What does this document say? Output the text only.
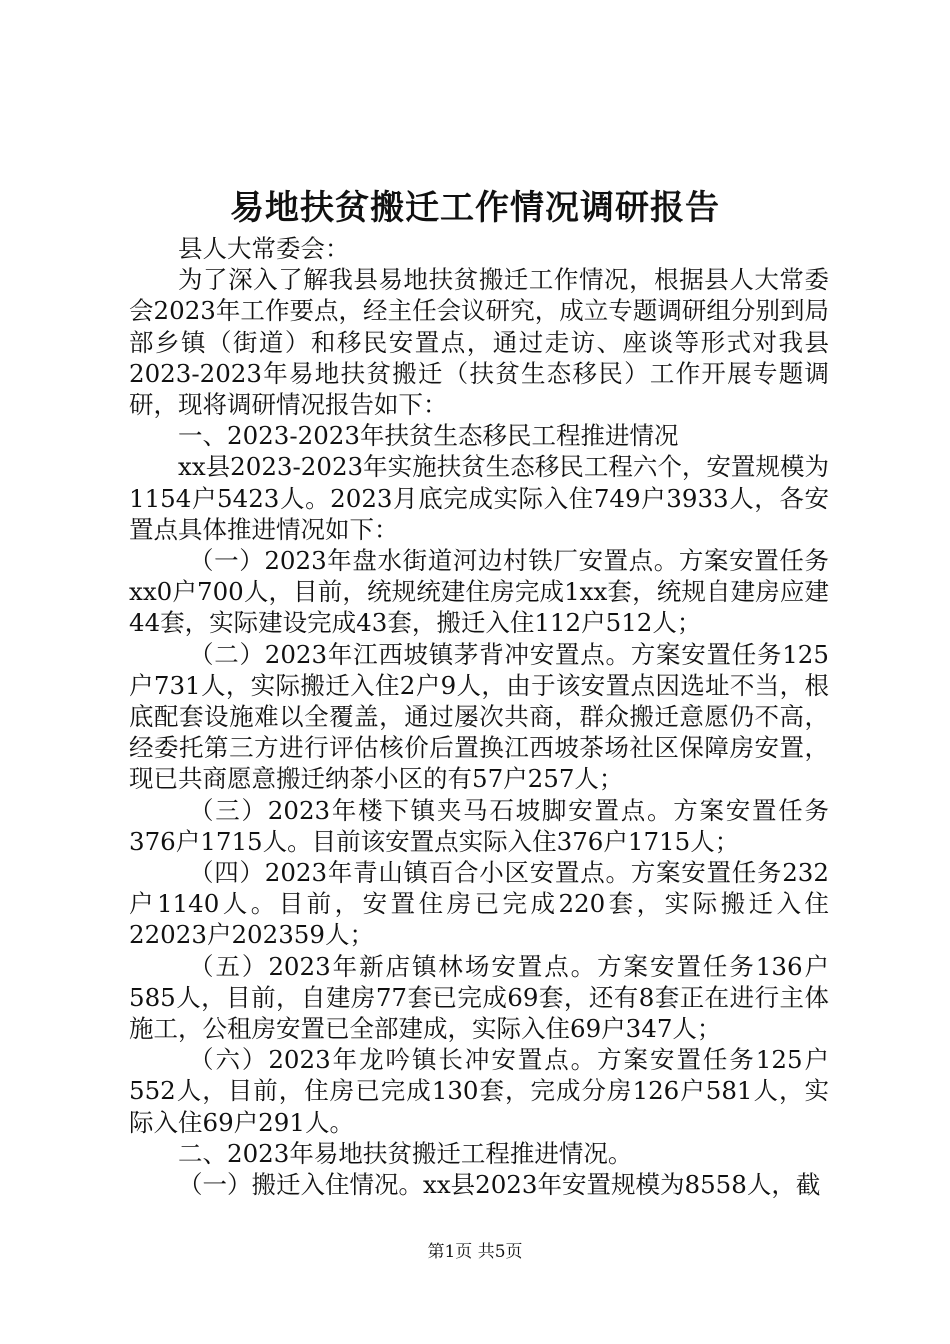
易地扶贫搬迁工作情况调研报告

县人大常委会：

为了深入了解我县易地扶贫搬迁工作情况，根据县人大常委会2023年工作要点，经主任会议研究，成立专题调研组分别到局部乡镇（街道）和移民安置点，通过走访、座谈等形式对我县2023-2023年易地扶贫搬迁（扶贫生态移民）工作开展专题调研，现将调研情况报告如下：

一、2023-2023年扶贫生态移民工程推进情况

xx县2023-2023年实施扶贫生态移民工程六个，安置规模为1154户5423人。2023月底完成实际入住749户3933人，各安置点具体推进情况如下：

（一）2023年盘水街道河边村铁厂安置点。方案安置任务xx0户700人，目前，统规统建住房完成1xx套，统规自建房应建44套，实际建设完成43套，搬迁入住112户512人；

（二）2023年江西坡镇茅背冲安置点。方案安置任务125户731人，实际搬迁入住2户9人，由于该安置点因选址不当，根底配套设施难以全覆盖，通过屡次共商，群众搬迁意愿仍不高，经委托第三方进行评估核价后置换江西坡茶场社区保障房安置，现已共商愿意搬迁纳茶小区的有57户257人；

（三）2023年楼下镇夹马石坡脚安置点。方案安置任务376户1715人。目前该安置点实际入住376户1715人；

（四）2023年青山镇百合小区安置点。方案安置任务232户1140人。目前，安置住房已完成220套，实际搬迁入住22023户202359人；

（五）2023年新店镇林场安置点。方案安置任务136户585人，目前，自建房77套已完成69套，还有8套正在进行主体施工，公租房安置已全部建成，实际入住69户347人；

（六）2023年龙吟镇长冲安置点。方案安置任务125户552人，目前，住房已完成130套，完成分房126户581人，实际入住69户291人。

二、2023年易地扶贫搬迁工程推进情况。

（一）搬迁入住情况。xx县2023年安置规模为8558人，截

第1页 共5页
